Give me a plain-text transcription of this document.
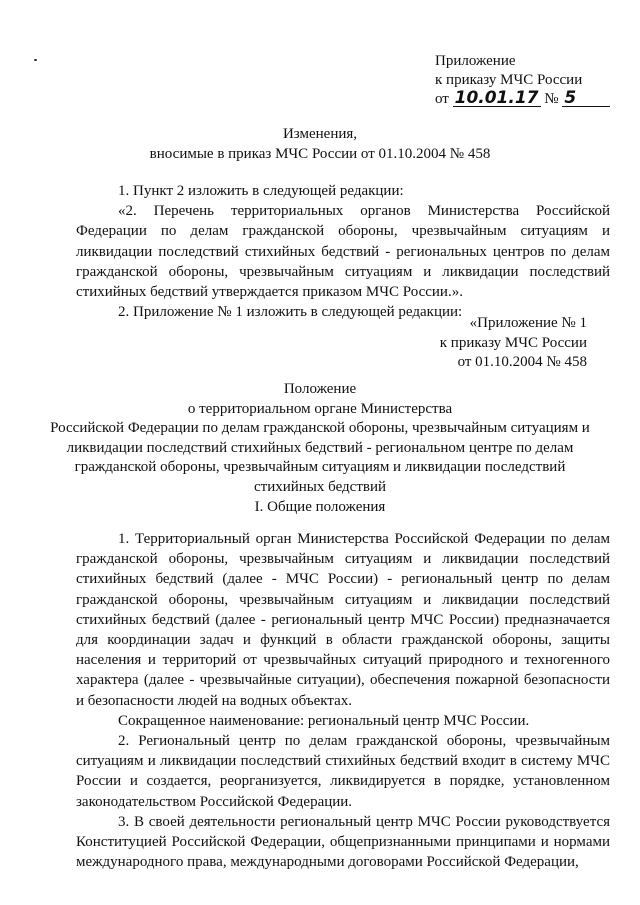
Приложение
к приказу МЧС России
от 10.01.17 № 5
Изменения,
вносимые в приказ МЧС России от 01.10.2004 № 458

1. Пункт 2 изложить в следующей редакции:

«2. Перечень территориальных органов Министерства Российской Федерации по делам гражданской обороны, чрезвычайным ситуациям и ликвидации последствий стихийных бедствий - региональных центров по делам гражданской обороны, чрезвычайным ситуациям и ликвидации последствий стихийных бедствий утверждается приказом МЧС России.».

2. Приложение № 1 изложить в следующей редакции:

«Приложение № 1
к приказу МЧС России
от 01.10.2004 № 458
Положение
о территориальном органе Министерства
Российской Федерации по делам гражданской обороны, чрезвычайным ситуациям и
ликвидации последствий стихийных бедствий - региональном центре по делам
гражданской обороны, чрезвычайным ситуациям и ликвидации последствий
стихийных бедствий
I. Общие положения

1. Территориальный орган Министерства Российской Федерации по делам гражданской обороны, чрезвычайным ситуациям и ликвидации последствий стихийных бедствий (далее - МЧС России) - региональный центр по делам гражданской обороны, чрезвычайным ситуациям и ликвидации последствий стихийных бедствий (далее - региональный центр МЧС России) предназначается для координации задач и функций в области гражданской обороны, защиты населения и территорий от чрезвычайных ситуаций природного и техногенного характера (далее - чрезвычайные ситуации), обеспечения пожарной безопасности и безопасности людей на водных объектах.

Сокращенное наименование: региональный центр МЧС России.

2. Региональный центр по делам гражданской обороны, чрезвычайным ситуациям и ликвидации последствий стихийных бедствий входит в систему МЧС России и создается, реорганизуется, ликвидируется в порядке, установленном законодательством Российской Федерации.

3. В своей деятельности региональный центр МЧС России руководствуется Конституцией Российской Федерации, общепризнанными принципами и нормами международного права, международными договорами Российской Федерации,
